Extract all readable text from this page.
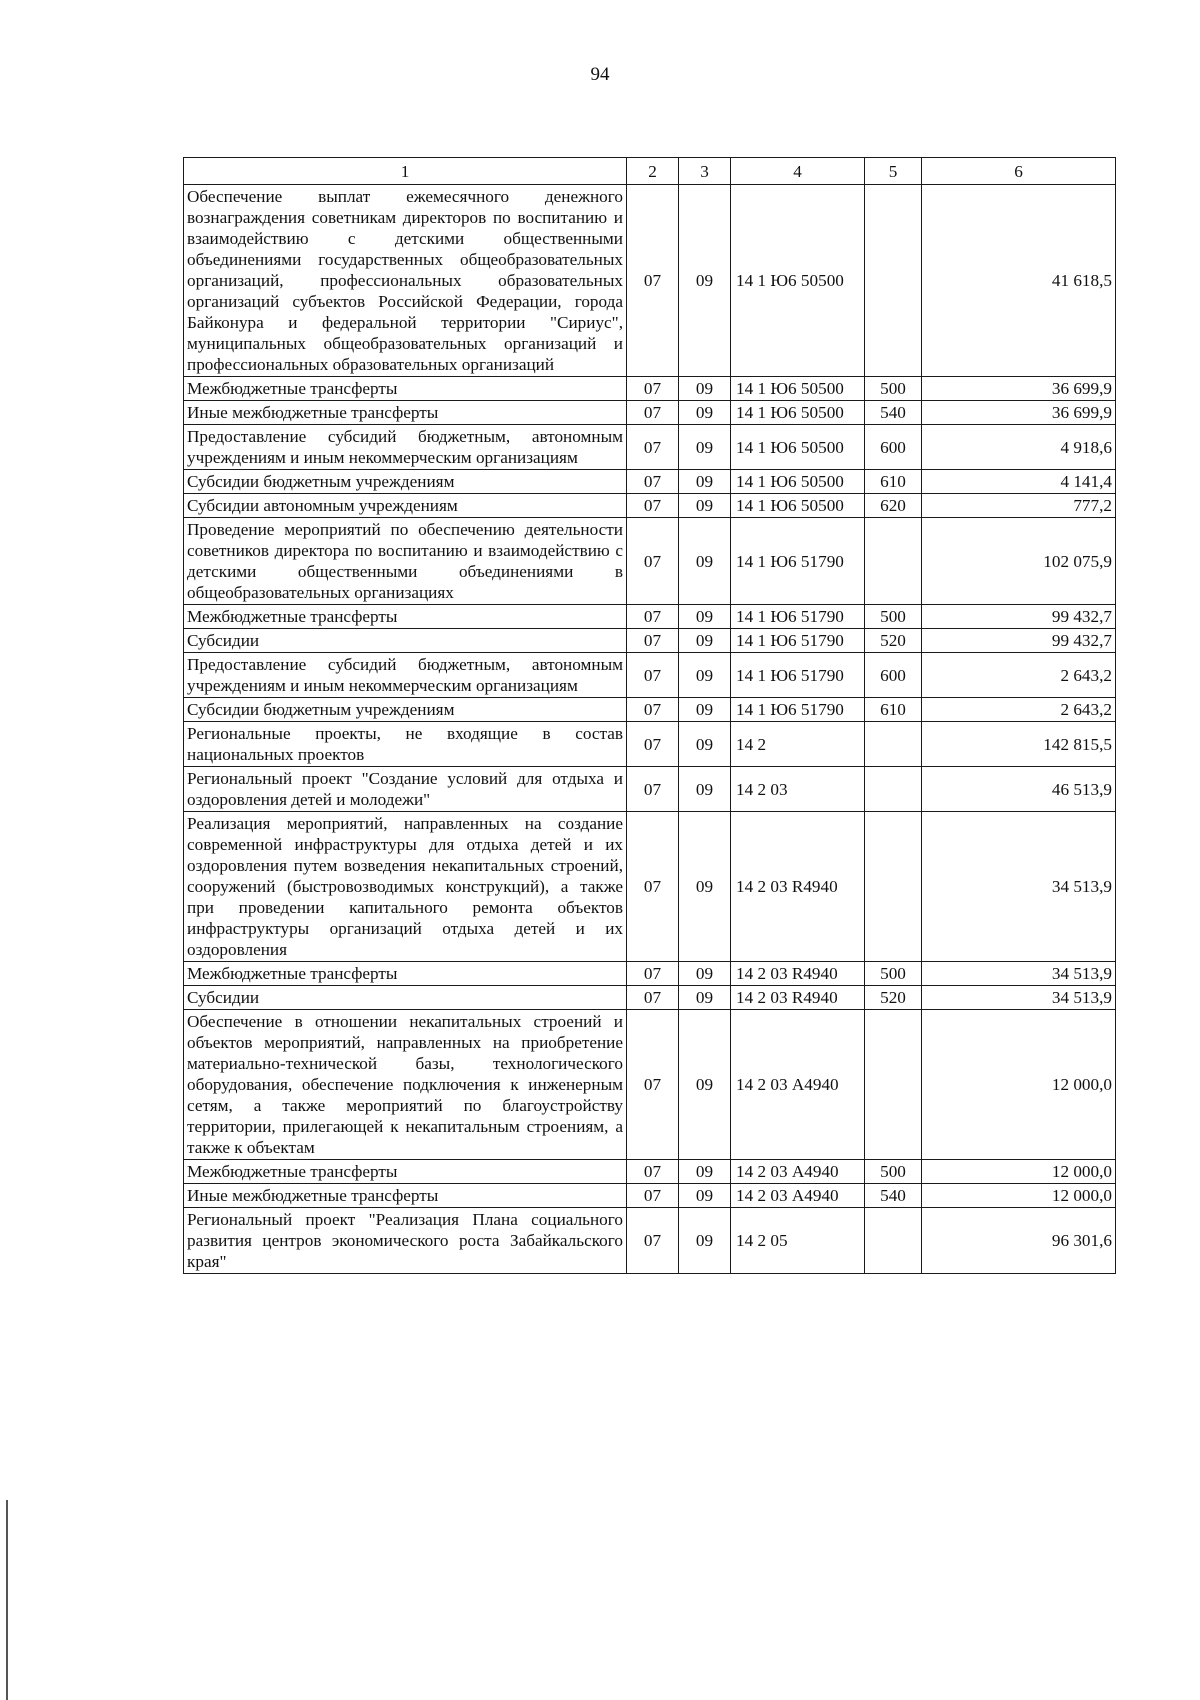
94
1	2	3	4	5	6
Обеспечение выплат ежемесячного денежного вознаграждения советникам директоров по воспитанию и взаимодействию с детскими общественными объединениями государственных общеобразовательных организаций, профессиональных образовательных организаций субъектов Российской Федерации, города Байконура и федеральной территории "Сириус", муниципальных общеобразовательных организаций и профессиональных образовательных организаций	07	09	14 1 Ю6 50500		41 618,5
Межбюджетные трансферты	07	09	14 1 Ю6 50500	500	36 699,9
Иные межбюджетные трансферты	07	09	14 1 Ю6 50500	540	36 699,9
Предоставление субсидий бюджетным, автономным учреждениям и иным некоммерческим организациям	07	09	14 1 Ю6 50500	600	4 918,6
Субсидии бюджетным учреждениям	07	09	14 1 Ю6 50500	610	4 141,4
Субсидии автономным учреждениям	07	09	14 1 Ю6 50500	620	777,2
Проведение мероприятий по обеспечению деятельности советников директора по воспитанию и взаимодействию с детскими общественными объединениями в общеобразовательных организациях	07	09	14 1 Ю6 51790		102 075,9
Межбюджетные трансферты	07	09	14 1 Ю6 51790	500	99 432,7
Субсидии	07	09	14 1 Ю6 51790	520	99 432,7
Предоставление субсидий бюджетным, автономным учреждениям и иным некоммерческим организациям	07	09	14 1 Ю6 51790	600	2 643,2
Субсидии бюджетным учреждениям	07	09	14 1 Ю6 51790	610	2 643,2
Региональные проекты, не входящие в состав национальных проектов	07	09	14 2		142 815,5
Региональный проект "Создание условий для отдыха и оздоровления детей и молодежи"	07	09	14 2 03		46 513,9
Реализация мероприятий, направленных на создание современной инфраструктуры для отдыха детей и их оздоровления путем возведения некапитальных строений, сооружений (быстровозводимых конструкций), а также при проведении капитального ремонта объектов инфраструктуры организаций отдыха детей и их оздоровления	07	09	14 2 03 R4940		34 513,9
Межбюджетные трансферты	07	09	14 2 03 R4940	500	34 513,9
Субсидии	07	09	14 2 03 R4940	520	34 513,9
Обеспечение в отношении некапитальных строений и объектов мероприятий, направленных на приобретение материально-технической базы, технологического оборудования, обеспечение подключения к инженерным сетям, а также мероприятий по благоустройству территории, прилегающей к некапитальным строениям, а также к объектам	07	09	14 2 03 А4940		12 000,0
Межбюджетные трансферты	07	09	14 2 03 А4940	500	12 000,0
Иные межбюджетные трансферты	07	09	14 2 03 А4940	540	12 000,0
Региональный проект "Реализация Плана социального развития центров экономического роста Забайкальского края"	07	09	14 2 05		96 301,6
